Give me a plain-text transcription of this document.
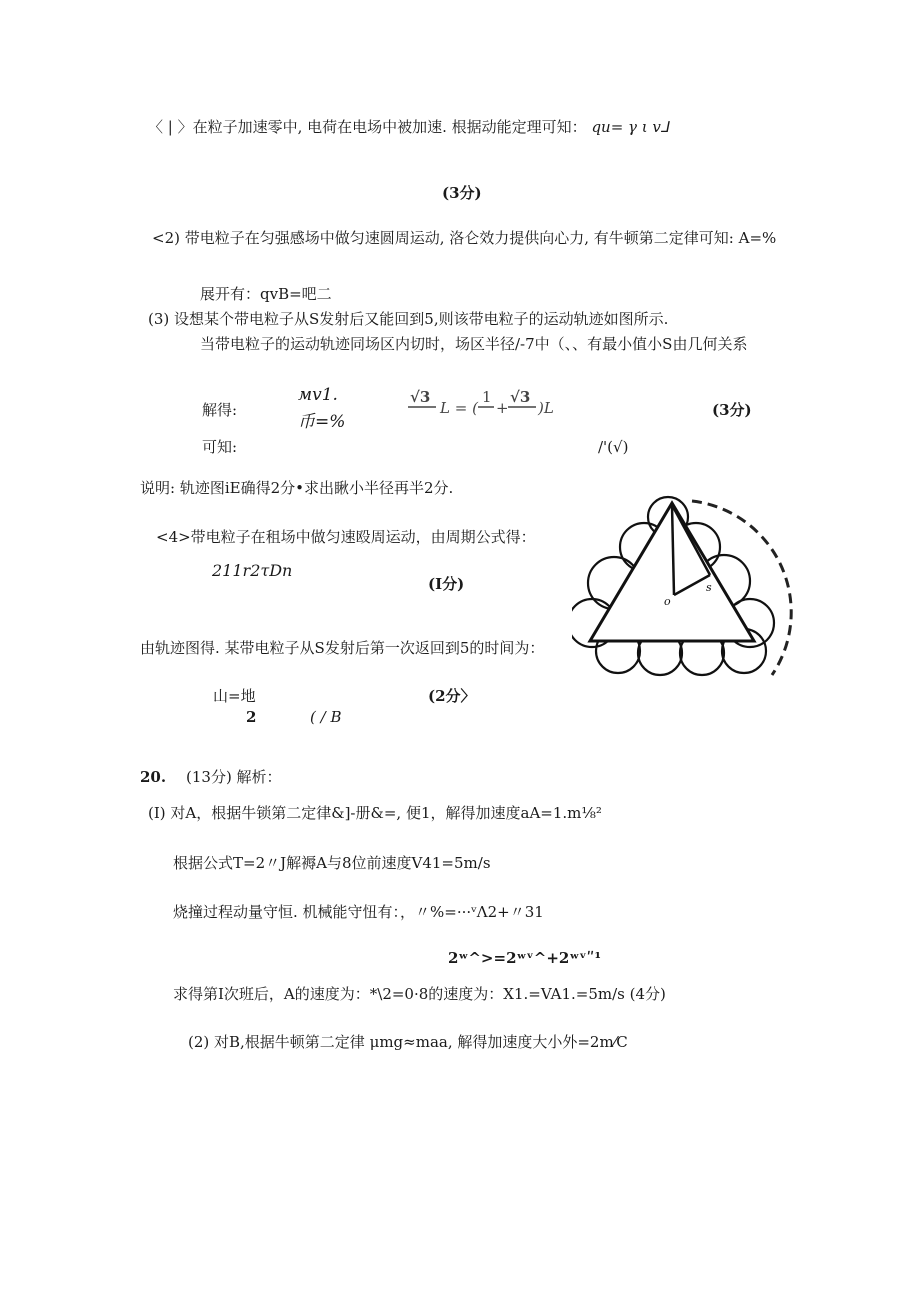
〈 | 〉在粒子加速零中, 电荷在电场中被加速. 根据动能定理可知： qu= γ ι v⅃
(3分)
<2) 带电粒子在匀强感场中做匀速圆周运动, 洛仑效力提供向心力, 有牛顿第二定律可知: A=%
展开有：qvB=吧二
(3) 设想某个带电粒子从S发射后又能回到5,则该带电粒子的运动轨迹如图所示.
当带电粒子的运动轨迹同场区内切时，场区半径/-7中（、、有最小值小S由几何关系
解得:
мv1.
币=%
√3
L = (
1
+
√3
)L	(3分)
可知:	/'(√)
说明: 轨迹图iE确得2分•求出瞅小半径再半2分.
<4>带电粒子在租场中做匀速殴周运动，由周期公式得：
211r2τDn
(I分)
由轨迹图得. 某带电粒子从S发射后第一次返回到5的时间为：
山=地	(2分〉
2	( / B
o
s
20. (13分) 解析：
(I) 对A，根据牛锁第二定律&]-册&=, 便1，解得加速度aA=1.m⅛²
根据公式T=2〃J解褥A与8位前速度V41=5m/s
烧撞过程动量守恒. 机械能守忸有：，〃%=···ᵛΛ2+〃31
2ʷ^>=2ʷᵛ^+2ʷᵛʺ¹
求得第I次班后，A的速度为：*\2=0·8的速度为：X1.=VA1.=5m/s (4分)
(2) 对B,根据牛顿第二定律 μmg≈maa, 解得加速度大小外=2m⁄C
